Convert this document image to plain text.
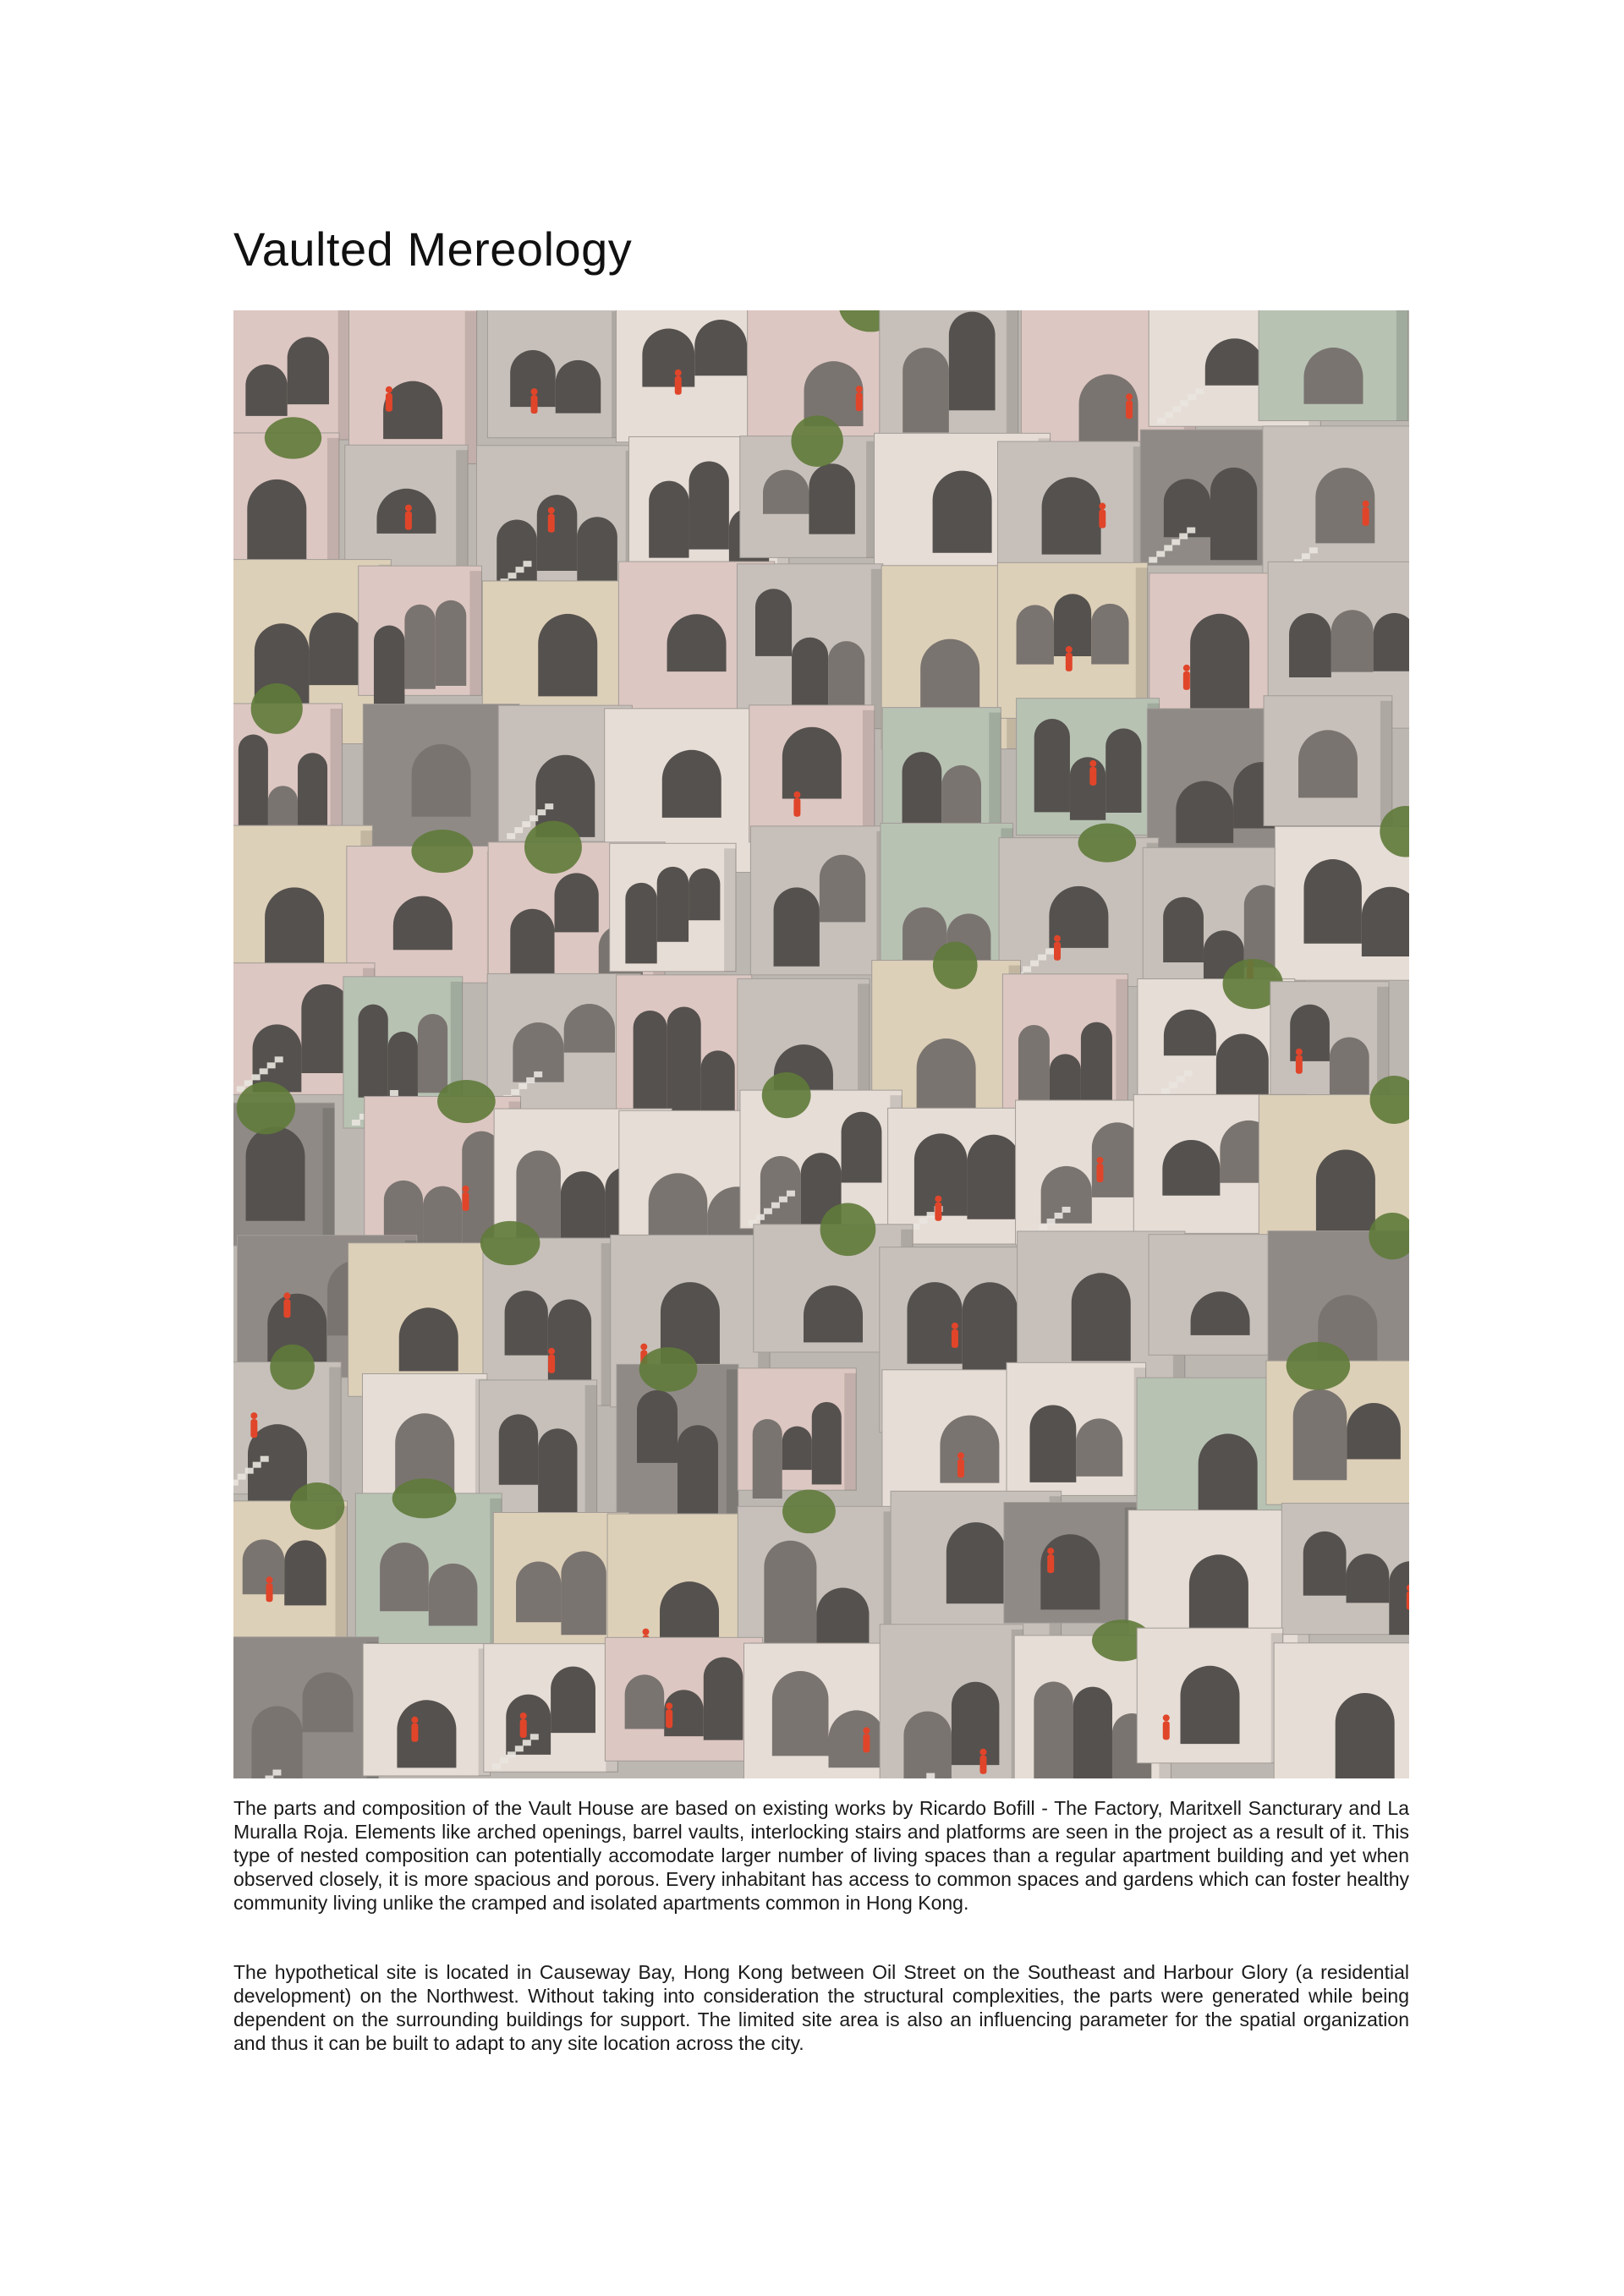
Vaulted Mereology

The parts and composition of the Vault House are based on existing works by Ricardo Bofill - The Factory, Maritxell Sancturary and La Muralla Roja. Elements like arched openings, barrel vaults, interlocking stairs and platforms are seen in the project as a result of it. This type of nested composition can potentially accomodate larger number of living spaces than a regular apartment building and yet when observed closely, it is more spacious and porous. Every inhabitant has access to common spaces and gardens which can foster healthy community living unlike the cramped and isolated apartments common in Hong Kong.

The hypothetical site is located in Causeway Bay, Hong Kong between Oil Street on the Southeast and Harbour Glory (a residential development) on the Northwest. Without taking into consideration the structural complexities, the parts were generated while being dependent on the surrounding buildings for support. The limited site area is also an influencing parameter for the spatial organization and thus it can be built to adapt to any site location across the city.
